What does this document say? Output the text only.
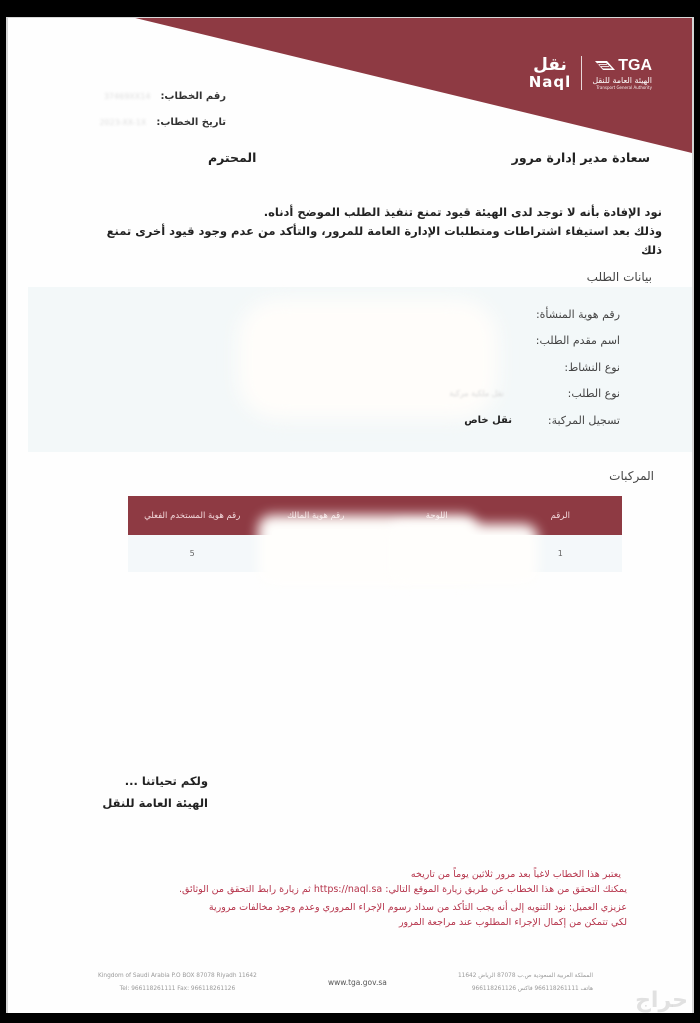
نقل
Naql
TGA
الهيئة العامة للنقل
Transport General Authority
رقم الخطاب:
37469XX14
تاريخ الخطاب:
2023-XX-1X
سعادة مدير إدارة مرور
المحترم
نود الإفادة بأنه لا توجد لدى الهيئة قيود تمنع تنفيذ الطلب الموضح أدناه.
وذلك بعد استيفاء اشتراطات ومتطلبات الإدارة العامة للمرور، والتأكد من عدم وجود قيود أخرى تمنع ذلك
بيانات الطلب
رقم هوية المنشأة:
اسم مقدم الطلب:
نوع النشاط:
نوع الطلب:
نقل ملكية مركبة
تسجيل المركبة:
نقل خاص
المركبات
الرقم			رقم هوية المستخدم الفعلي
1			5
ولكم تحياتنا ...
الهيئة العامة للنقل

يعتبر هذا الخطاب لاغياً بعد مرور ثلاثين يوماً من تاريخه

يمكنك التحقق من هذا الخطاب عن طريق زيارة الموقع التالي: https://naql.sa ثم زيارة رابط التحقق من الوثائق.

عزيزي العميل: نود التنويه إلى أنه يجب التأكد من سداد رسوم الإجراء المروري وعدم وجود مخالفات مرورية

لكي تتمكن من إكمال الإجراء المطلوب عند مراجعة المرور

Kingdom of Saudi Arabia P.O BOX 87078 Riyadh 11642
Tel: 966118261111 Fax: 966118261126
www.tga.gov.sa
المملكة العربية السعودية ص.ب 87078 الرياض 11642
هاتف 966118261111 فاكس 966118261126 حراج
